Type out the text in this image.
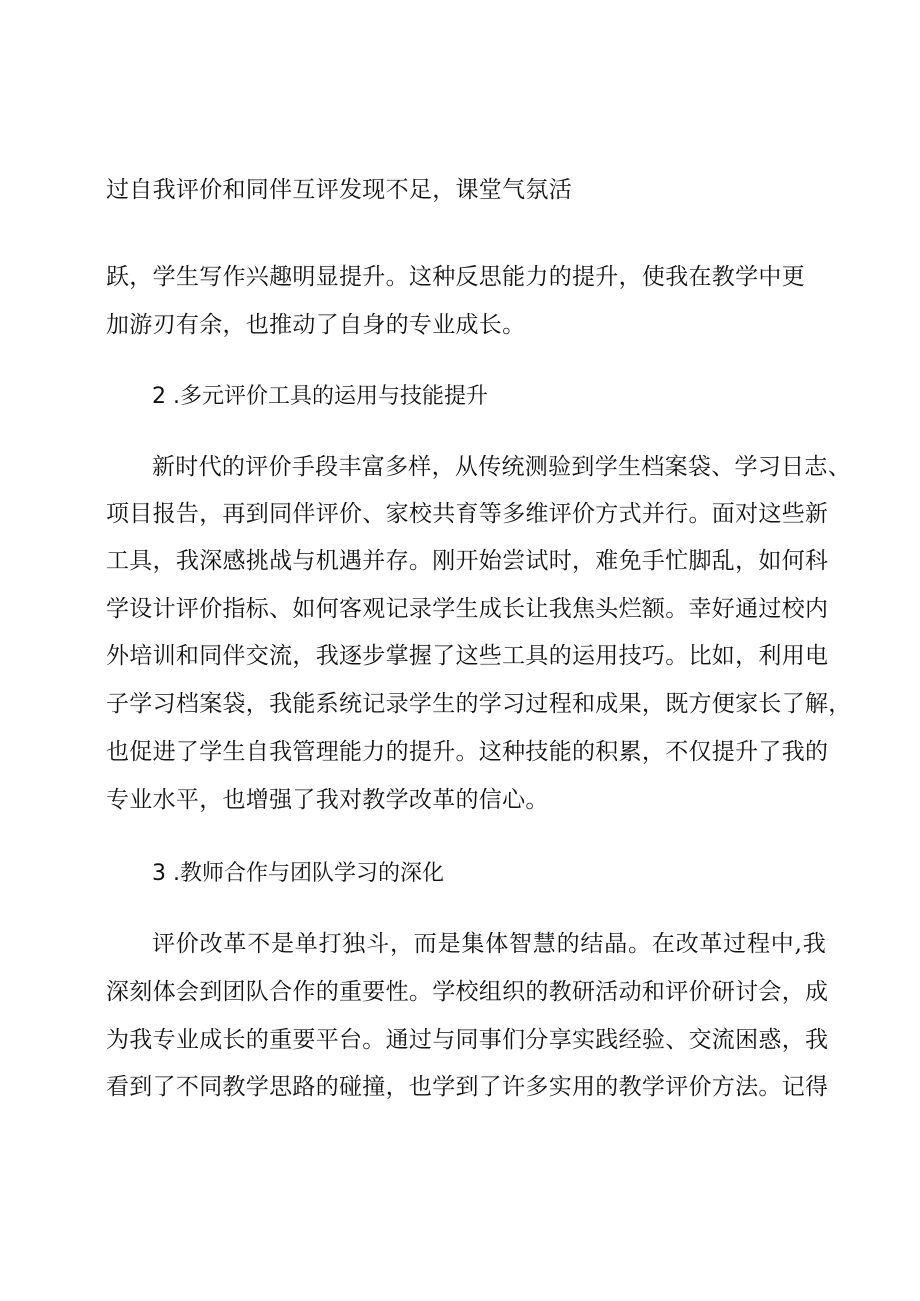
过自我评价和同伴互评发现不足，课堂气氛活
跃，学生写作兴趣明显提升。这种反思能力的提升，使我在教学中更
加游刃有余，也推动了自身的专业成长。
2 .多元评价工具的运用与技能提升
新时代的评价手段丰富多样，从传统测验到学生档案袋、学习日志、
项目报告，再到同伴评价、家校共育等多维评价方式并行。面对这些新
工具，我深感挑战与机遇并存。刚开始尝试时，难免手忙脚乱，如何科
学设计评价指标、如何客观记录学生成长让我焦头烂额。幸好通过校内
外培训和同伴交流，我逐步掌握了这些工具的运用技巧。比如，利用电
子学习档案袋，我能系统记录学生的学习过程和成果，既方便家长了解，
也促进了学生自我管理能力的提升。这种技能的积累，不仅提升了我的
专业水平，也增强了我对教学改革的信心。
3 .教师合作与团队学习的深化
评价改革不是单打独斗，而是集体智慧的结晶。在改革过程中,我
深刻体会到团队合作的重要性。学校组织的教研活动和评价研讨会，成
为我专业成长的重要平台。通过与同事们分享实践经验、交流困惑，我
看到了不同教学思路的碰撞，也学到了许多实用的教学评价方法。记得
